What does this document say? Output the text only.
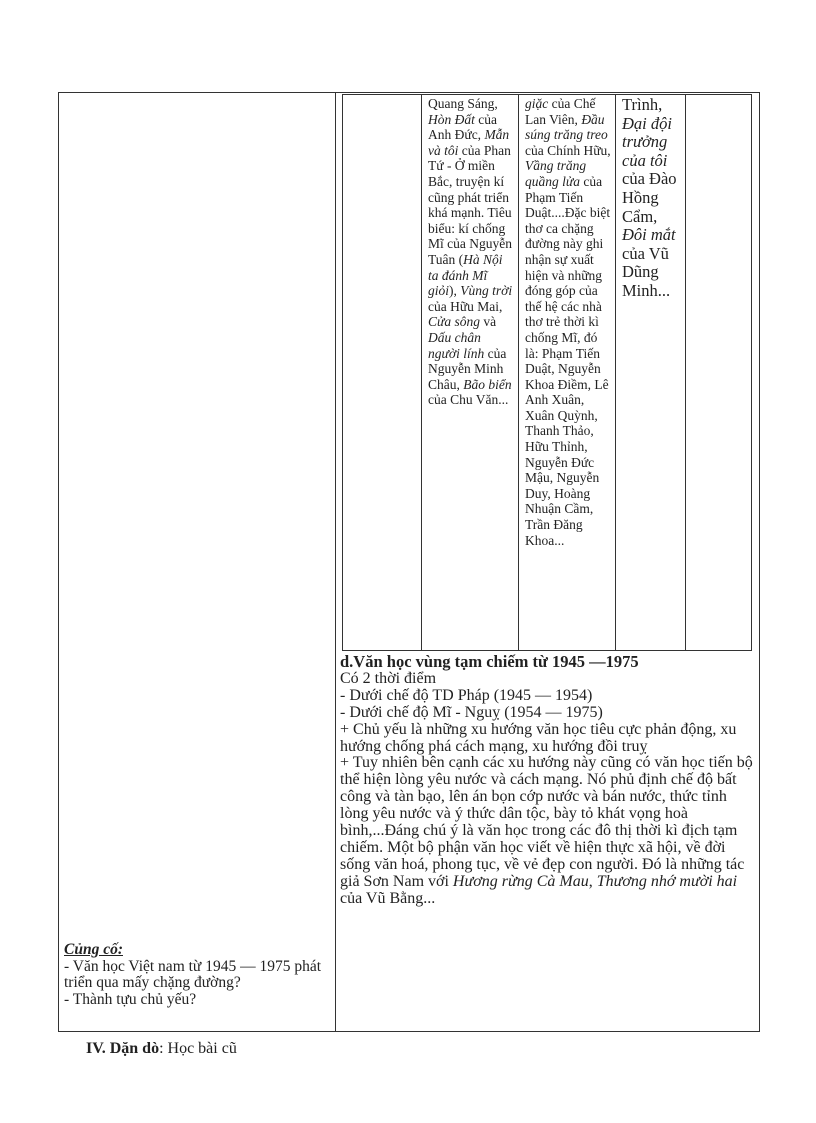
Quang Sáng, Hòn Đất của Anh Đức, Mẫn và tôi của Phan Tứ - Ở miền Bắc, truyện kí cũng phát triển khá mạnh. Tiêu biểu: kí chống Mĩ của Nguyễn Tuân (Hà Nội ta đánh Mĩ giỏi), Vùng trời của Hữu Mai, Cửa sông và Dấu chân người lính của Nguyễn Minh Châu, Bão biển của Chu Văn...
giặc của Chế Lan Viên, Đầu súng trăng treo của Chính Hữu, Vầng trăng quầng lửa của Phạm Tiến Duật....Đặc biệt thơ ca chặng đường này ghi nhận sự xuất hiện và những đóng góp của thế hệ các nhà thơ trẻ thời kì chống Mĩ, đó là: Phạm Tiến Duật, Nguyễn Khoa Điềm, Lê Anh Xuân, Xuân Quỳnh, Thanh Thảo, Hữu Thỉnh, Nguyễn Đức Mậu, Nguyễn Duy, Hoàng Nhuận Cầm, Trần Đăng Khoa...
Trình, Đại đội trưởng của tôi của Đào Hồng Cẩm, Đôi mắt của Vũ Dũng Minh...

d.Văn học vùng tạm chiếm từ 1945 —1975

Có 2 thời điểm

- Dưới chế độ TD Pháp (1945 — 1954)

- Dưới chế độ Mĩ - Nguỵ (1954 — 1975)

+ Chủ yếu là những xu hướng văn học tiêu cực phản động, xu hướng chống phá cách mạng, xu hướng đồi truỵ

+ Tuy nhiên bên cạnh các xu hướng này cũng có văn học tiến bộ thể hiện lòng yêu nước và cách mạng. Nó phủ định chế độ bất công và tàn bạo, lên án bọn cớp nước và bán nước, thức tỉnh lòng yêu nước và ý thức dân tộc, bày tỏ khát vọng hoà bình,...Đáng chú ý là văn học trong các đô thị thời kì địch tạm chiếm. Một bộ phận văn học viết về hiện thực xã hội, về đời sống văn hoá, phong tục, về vẻ đẹp con người. Đó là những tác giả Sơn Nam với Hương rừng Cà Mau, Thương nhớ mười hai của Vũ Bằng...

Củng cố:
- Văn học Việt nam từ 1945 — 1975 phát triển qua mấy chặng đường?
- Thành tựu chủ yếu?
IV. Dặn dò: Học bài cũ
